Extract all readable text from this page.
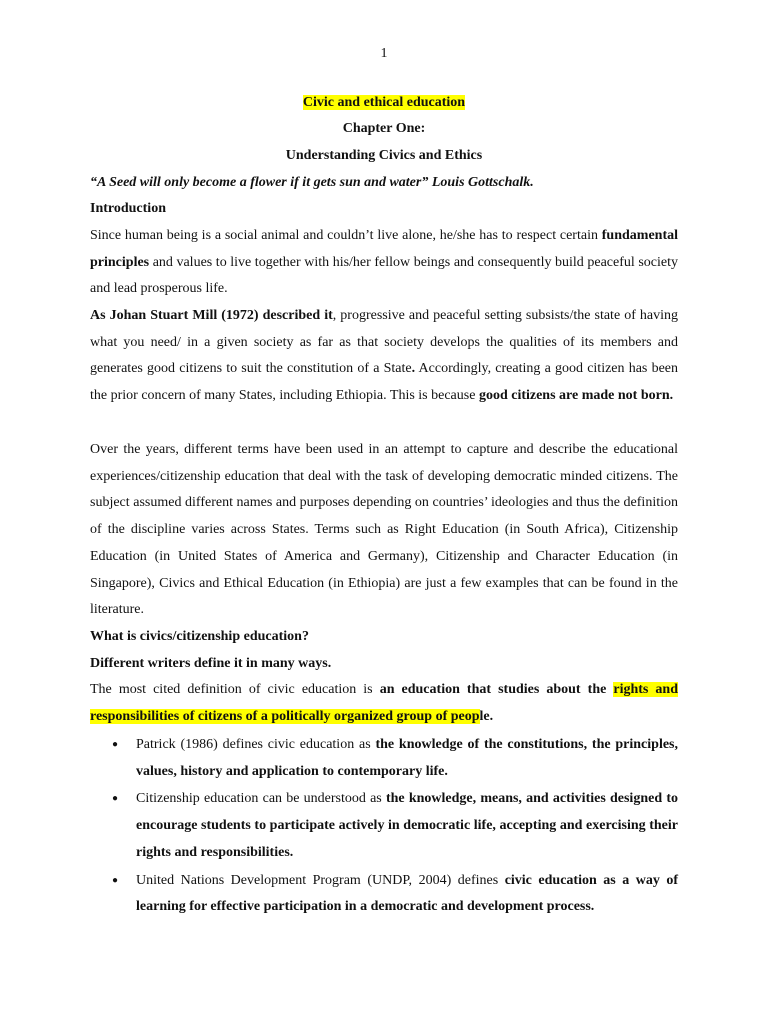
1
Civic and ethical education
Chapter One:
Understanding Civics and Ethics
“A Seed will only become a flower if it gets sun and water” Louis Gottschalk.
Introduction
Since human being is a social animal and couldn’t live alone, he/she has to respect certain fundamental principles and values to live together with his/her fellow beings and consequently build peaceful society and lead prosperous life.
As Johan Stuart Mill (1972) described it, progressive and peaceful setting subsists/the state of having what you need/ in a given society as far as that society develops the qualities of its members and generates good citizens to suit the constitution of a State. Accordingly, creating a good citizen has been the prior concern of many States, including Ethiopia. This is because good citizens are made not born.
Over the years, different terms have been used in an attempt to capture and describe the educational experiences/citizenship education that deal with the task of developing democratic minded citizens. The subject assumed different names and purposes depending on countries’ ideologies and thus the definition of the discipline varies across States. Terms such as Right Education (in South Africa), Citizenship Education (in United States of America and Germany), Citizenship and Character Education (in Singapore), Civics and Ethical Education (in Ethiopia) are just a few examples that can be found in the literature.
What is civics/citizenship education?
Different writers define it in many ways.
The most cited definition of civic education is an education that studies about the rights and responsibilities of citizens of a politically organized group of people.
● Patrick (1986) defines civic education as the knowledge of the constitutions, the principles, values, history and application to contemporary life.
● Citizenship education can be understood as the knowledge, means, and activities designed to encourage students to participate actively in democratic life, accepting and exercising their rights and responsibilities.
● United Nations Development Program (UNDP, 2004) defines civic education as a way of learning for effective participation in a democratic and development process.
